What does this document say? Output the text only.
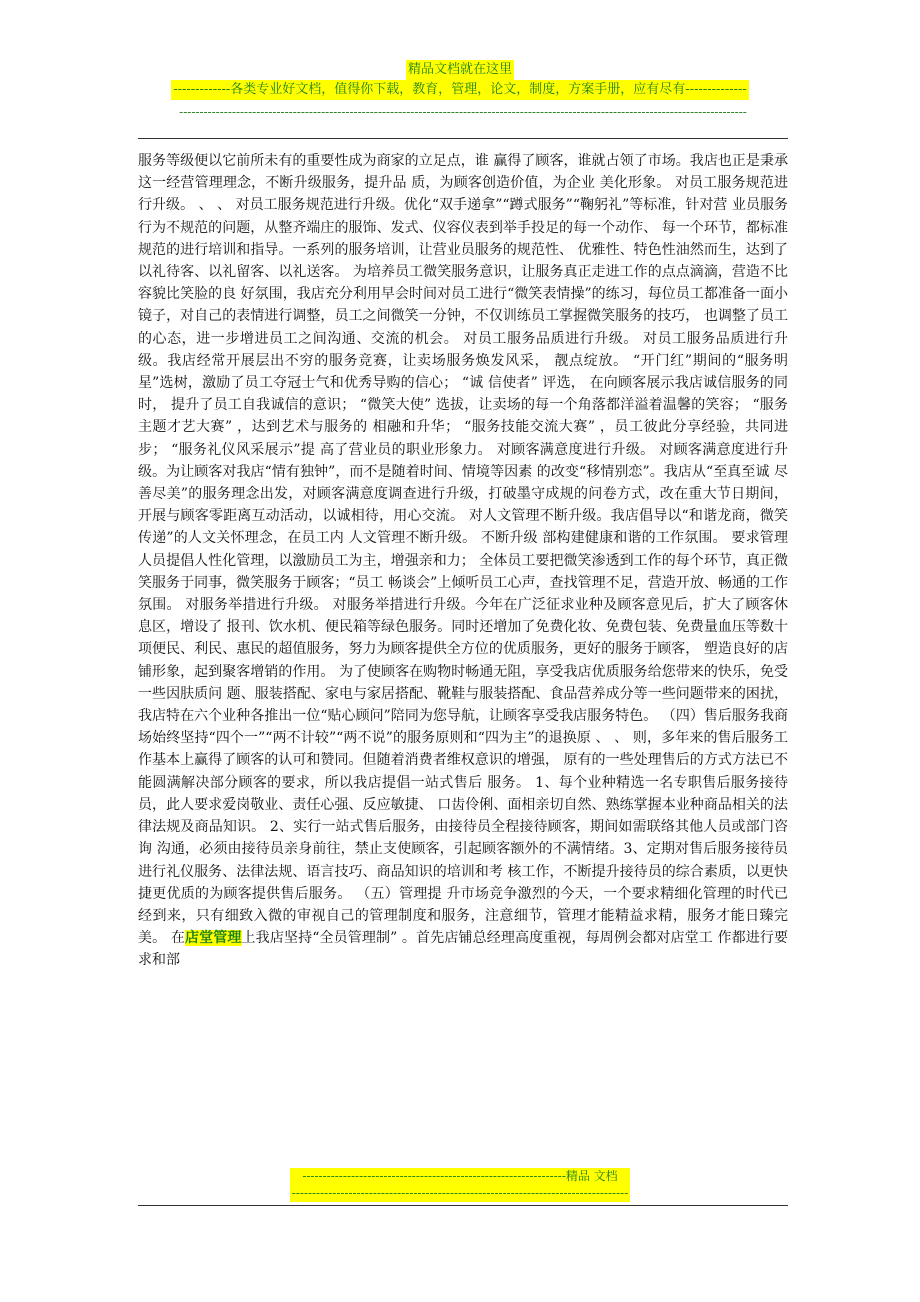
精品文档就在这里
-------------各类专业好文档，值得你下载，教育，管理，论文，制度，方案手册，应有尽有--------------
--------------------------------------------------------------------------------------------------------------------------------------------

服务等级便以它前所未有的重要性成为商家的立足点，谁 赢得了顾客，谁就占领了市场。我店也正是秉承这一经营管理理念，不断升级服务，提升品 质，为顾客创造价值，为企业 美化形象。 对员工服务规范进行升级。 、 、 对员工服务规范进行升级。优化“双手递拿”“蹲式服务”“鞠躬礼”等标准，针对营 业员服务行为不规范的问题，从整齐端庄的服饰、发式、仪容仪表到举手投足的每一个动作、 每一个环节，都标准规范的进行培训和指导。一系列的服务培训，让营业员服务的规范性、 优雅性、特色性油然而生，达到了以礼待客、以礼留客、以礼送客。 为培养员工微笑服务意识，让服务真正走进工作的点点滴滴，营造不比容貌比笑脸的良 好氛围，我店充分利用早会时间对员工进行“微笑表情操”的练习，每位员工都准备一面小 镜子，对自己的表情进行调整，员工之间微笑一分钟，不仅训练员工掌握微笑服务的技巧， 也调整了员工的心态，进一步增进员工之间沟通、交流的机会。 对员工服务品质进行升级。 对员工服务品质进行升级。我店经常开展层出不穷的服务竞赛，让卖场服务焕发风采， 靓点绽放。 “开门红”期间的“服务明星”选树，激励了员工夺冠士气和优秀导购的信心； “诚 信使者” 评选， 在向顾客展示我店诚信服务的同时， 提升了员工自我诚信的意识； “微笑大使” 选拔，让卖场的每一个角落都洋溢着温馨的笑容； “服务主题才艺大赛” ，达到艺术与服务的 相融和升华； “服务技能交流大赛” ，员工彼此分享经验，共同进步； “服务礼仪风采展示”提 高了营业员的职业形象力。 对顾客满意度进行升级。 对顾客满意度进行升级。为让顾客对我店“情有独钟”，而不是随着时间、情境等因素 的改变“移情别恋”。我店从“至真至诚 尽善尽美”的服务理念出发，对顾客满意度调查进行升级，打破墨守成规的问卷方式，改在重大节日期间，开展与顾客零距离互动活动，以诚相待，用心交流。 对人文管理不断升级。我店倡导以“和谐龙商，微笑传递”的人文关怀理念，在员工内 人文管理不断升级。 不断升级 部构建健康和谐的工作氛围。 要求管理人员提倡人性化管理，以激励员工为主，增强亲和力； 全体员工要把微笑渗透到工作的每个环节，真正微笑服务于同事，微笑服务于顾客；“员工 畅谈会”上倾听员工心声，查找管理不足，营造开放、畅通的工作氛围。 对服务举措进行升级。 对服务举措进行升级。今年在广泛征求业种及顾客意见后，扩大了顾客休息区，增设了 报刊、饮水机、便民箱等绿色服务。同时还增加了免费化妆、免费包装、免费量血压等数十 项便民、利民、惠民的超值服务，努力为顾客提供全方位的优质服务，更好的服务于顾客， 塑造良好的店铺形象，起到聚客增销的作用。 为了使顾客在购物时畅通无阻，享受我店优质服务给您带来的快乐，免受一些因肤质问 题、服装搭配、家电与家居搭配、靴鞋与服装搭配、食品营养成分等一些问题带来的困扰， 我店特在六个业种各推出一位“贴心顾问”陪同为您导航，让顾客享受我店服务特色。 （四）售后服务我商场始终坚持“四个一”“两不计较”“两不说”的服务原则和“四为主”的退换原 、 、 则，多年来的售后服务工作基本上赢得了顾客的认可和赞同。但随着消费者维权意识的增强， 原有的一些处理售后的方式方法已不能圆满解决部分顾客的要求，所以我店提倡一站式售后 服务。 1、每个业种精选一名专职售后服务接待员，此人要求爱岗敬业、责任心强、反应敏捷、 口齿伶俐、面相亲切自然、熟练掌握本业种商品相关的法律法规及商品知识。 2、实行一站式售后服务，由接待员全程接待顾客，期间如需联络其他人员或部门咨询 沟通，必须由接待员亲身前往，禁止支使顾客，引起顾客额外的不满情绪。3、定期对售后服务接待员进行礼仪服务、法律法规、语言技巧、商品知识的培训和考 核工作，不断提升接待员的综合素质，以更快捷更优质的为顾客提供售后服务。 （五）管理提 升市场竞争激烈的今天，一个要求精细化管理的时代已经到来，只有细致入微的审视自己的管理制度和服务，注意细节，管理才能精益求精，服务才能日臻完美。 在店堂管理上我店坚持“全员管理制” 。首先店铺总经理高度重视，每周例会都对店堂工 作都进行要求和部

-----------------------------------------------------------------精品 文档
-----------------------------------------------------------------------------------
